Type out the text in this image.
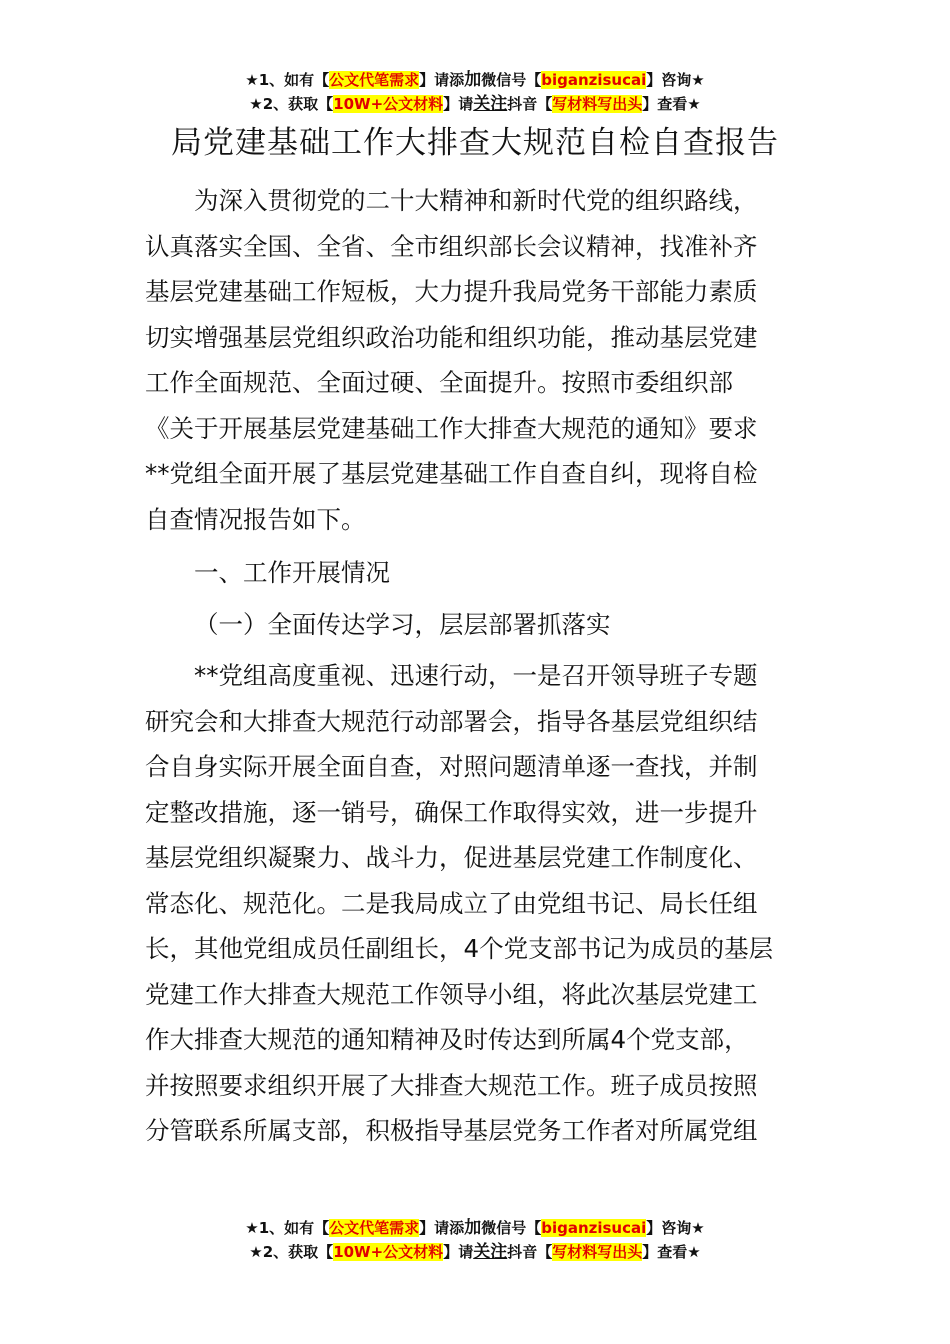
★1、如有【公文代笔需求】请添加微信号【biganzisucai】咨询★
★2、获取【10W+公文材料】请关注抖音【写材料写出头】查看★
局党建基础工作大排查大规范自检自查报告

为深入贯彻党的二十大精神和新时代党的组织路线，

认真落实全国、全省、全市组织部长会议精神，找准补齐

基层党建基础工作短板，大力提升我局党务干部能力素质

切实增强基层党组织政治功能和组织功能，推动基层党建

工作全面规范、全面过硬、全面提升。按照市委组织部

《关于开展基层党建基础工作大排查大规范的通知》要求

**党组全面开展了基层党建基础工作自查自纠，现将自检

自查情况报告如下。

一、工作开展情况

（一）全面传达学习，层层部署抓落实

**党组高度重视、迅速行动，一是召开领导班子专题

研究会和大排查大规范行动部署会，指导各基层党组织结

合自身实际开展全面自查，对照问题清单逐一查找，并制

定整改措施，逐一销号，确保工作取得实效，进一步提升

基层党组织凝聚力、战斗力，促进基层党建工作制度化、

常态化、规范化。二是我局成立了由党组书记、局长任组

长，其他党组成员任副组长，4个党支部书记为成员的基层

党建工作大排查大规范工作领导小组，将此次基层党建工

作大排查大规范的通知精神及时传达到所属4个党支部，

并按照要求组织开展了大排查大规范工作。班子成员按照

分管联系所属支部，积极指导基层党务工作者对所属党组

★1、如有【公文代笔需求】请添加微信号【biganzisucai】咨询★
★2、获取【10W+公文材料】请关注抖音【写材料写出头】查看★
